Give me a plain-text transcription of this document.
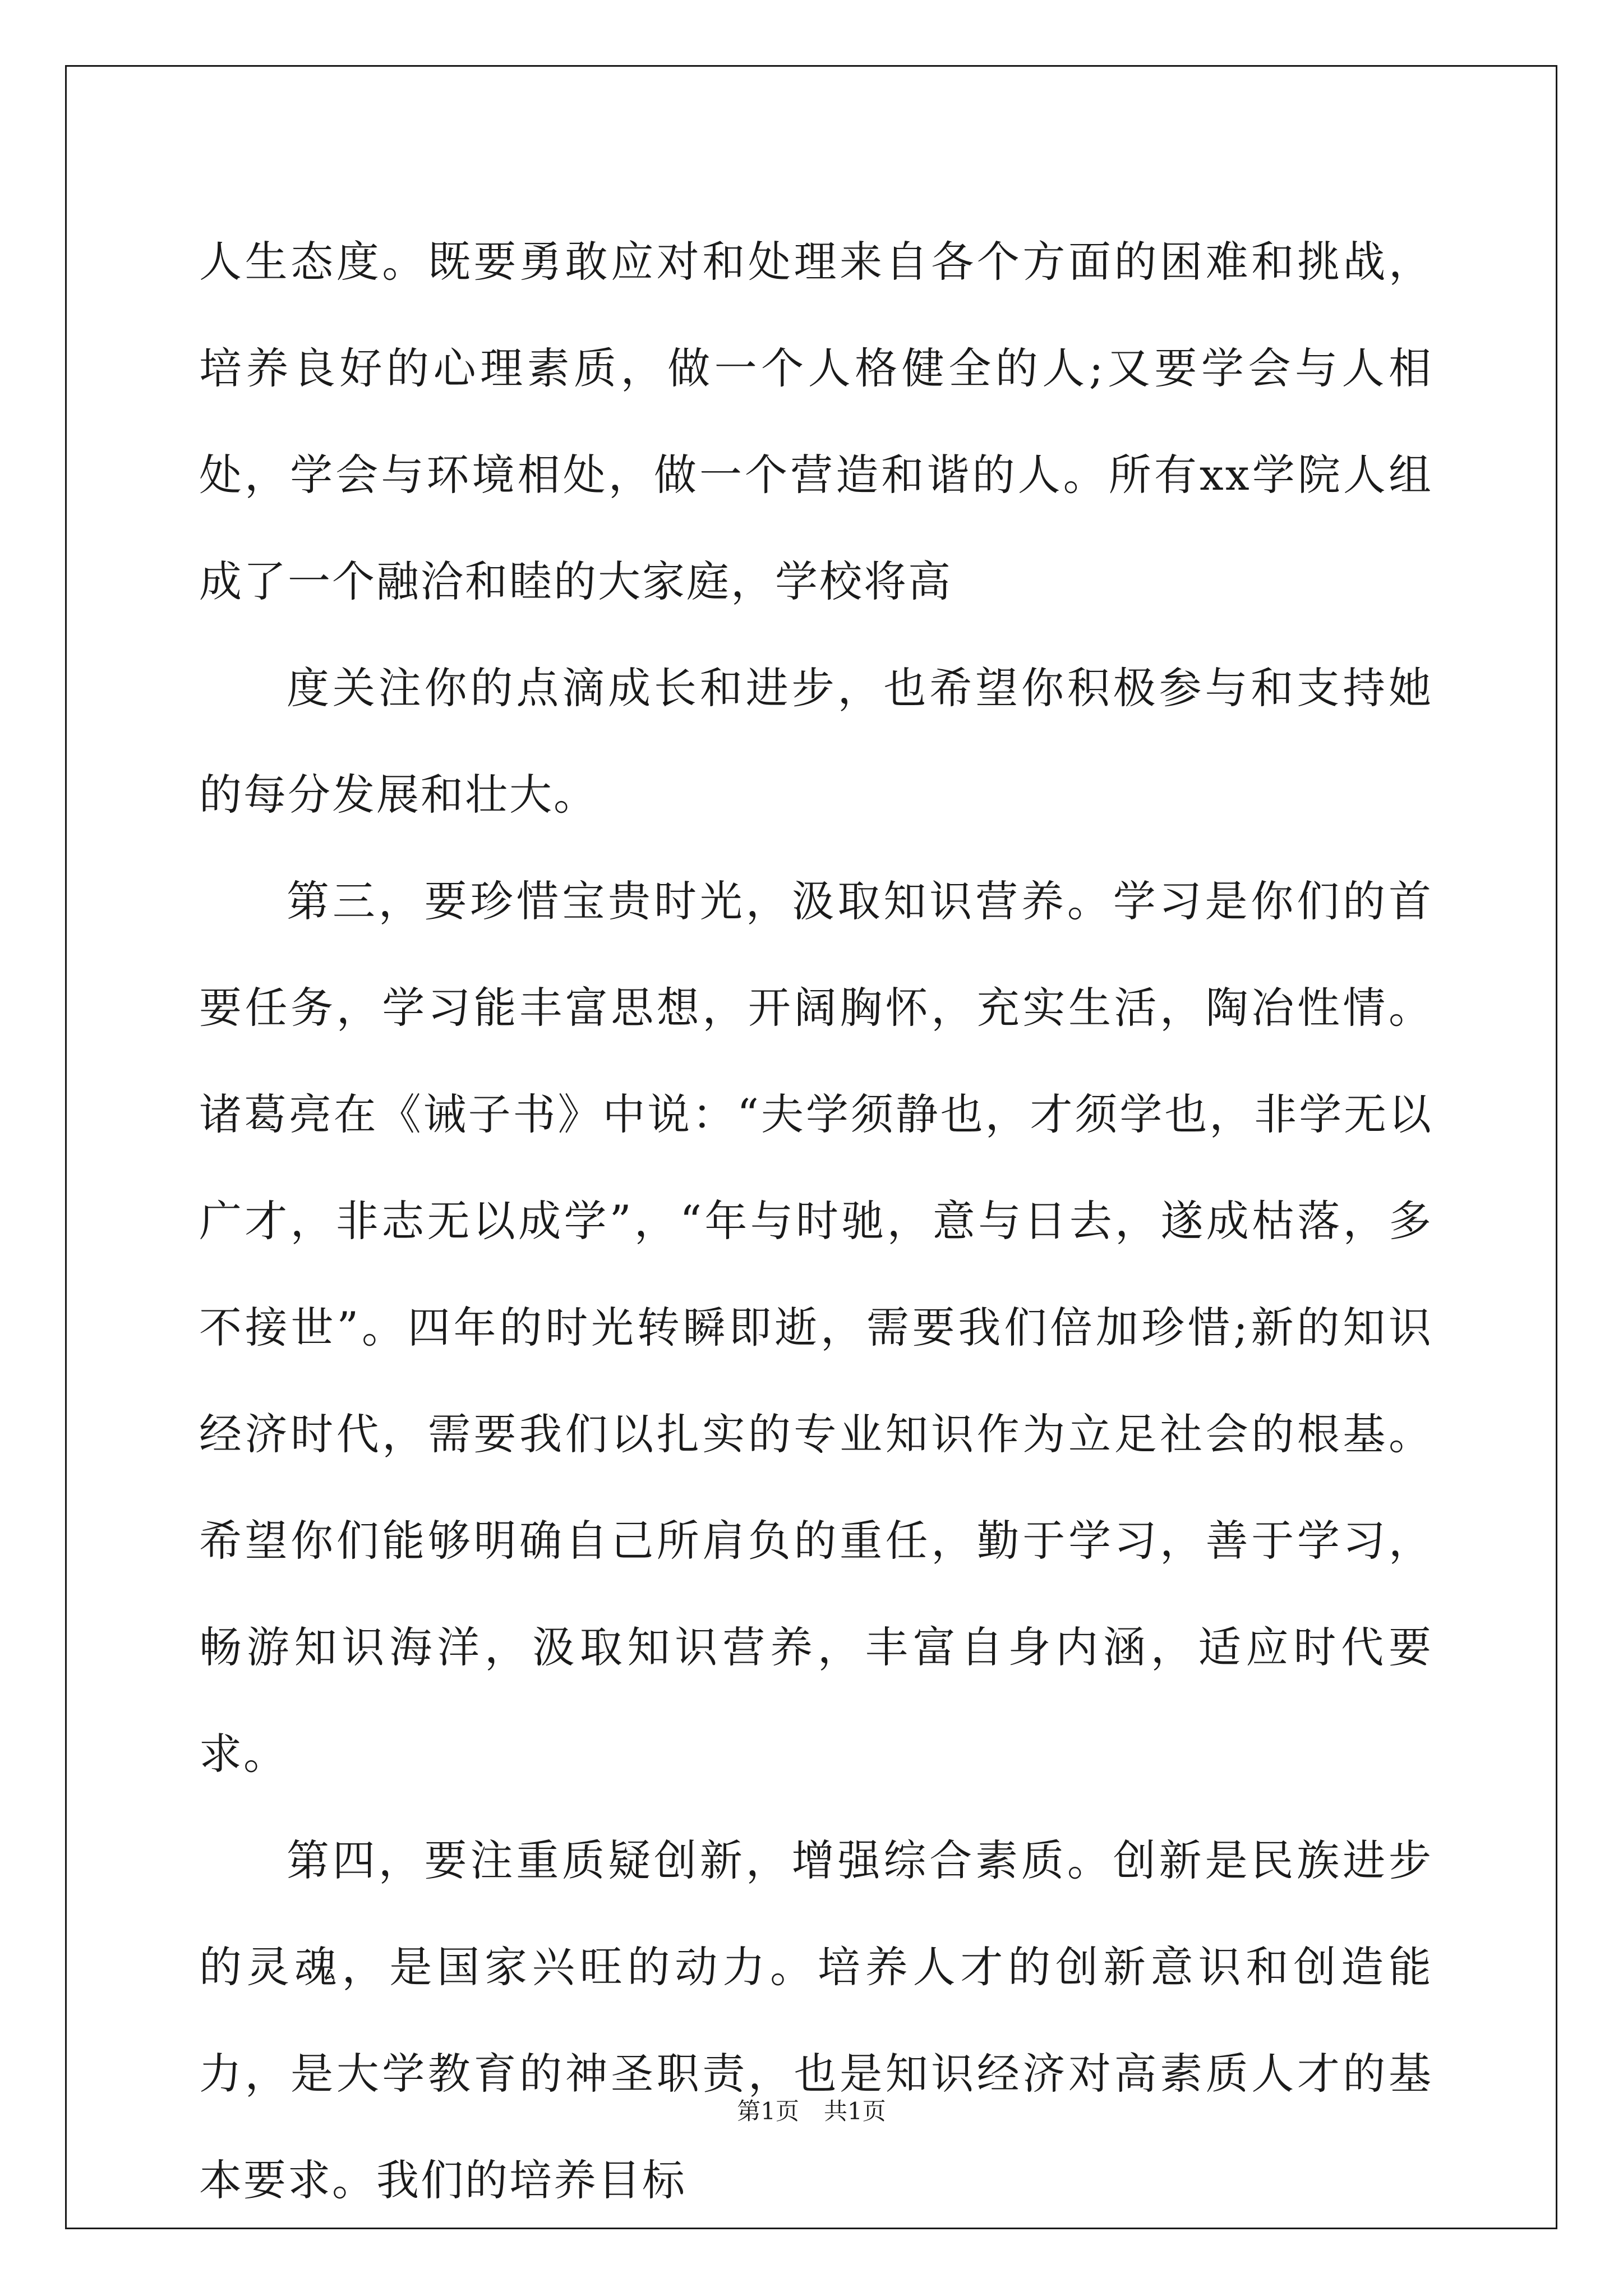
人生态度。既要勇敢应对和处理来自各个方面的困难和挑战，培养良好的心理素质，做一个人格健全的人;又要学会与人相处，学会与环境相处，做一个营造和谐的人。所有xx学院人组成了一个融洽和睦的大家庭，学校将高

度关注你的点滴成长和进步，也希望你积极参与和支持她的每分发展和壮大。

第三，要珍惜宝贵时光，汲取知识营养。学习是你们的首要任务，学习能丰富思想，开阔胸怀，充实生活，陶冶性情。诸葛亮在《诫子书》中说：“夫学须静也，才须学也，非学无以广才，非志无以成学”，“年与时驰，意与日去，遂成枯落，多不接世”。四年的时光转瞬即逝，需要我们倍加珍惜;新的知识经济时代，需要我们以扎实的专业知识作为立足社会的根基。希望你们能够明确自己所肩负的重任，勤于学习，善于学习，畅游知识海洋，汲取知识营养，丰富自身内涵，适应时代要求。

第四，要注重质疑创新，增强综合素质。创新是民族进步的灵魂，是国家兴旺的动力。培养人才的创新意识和创造能力，是大学教育的神圣职责，也是知识经济对高素质人才的基本要求。我们的培养目标

第1页 共1页
